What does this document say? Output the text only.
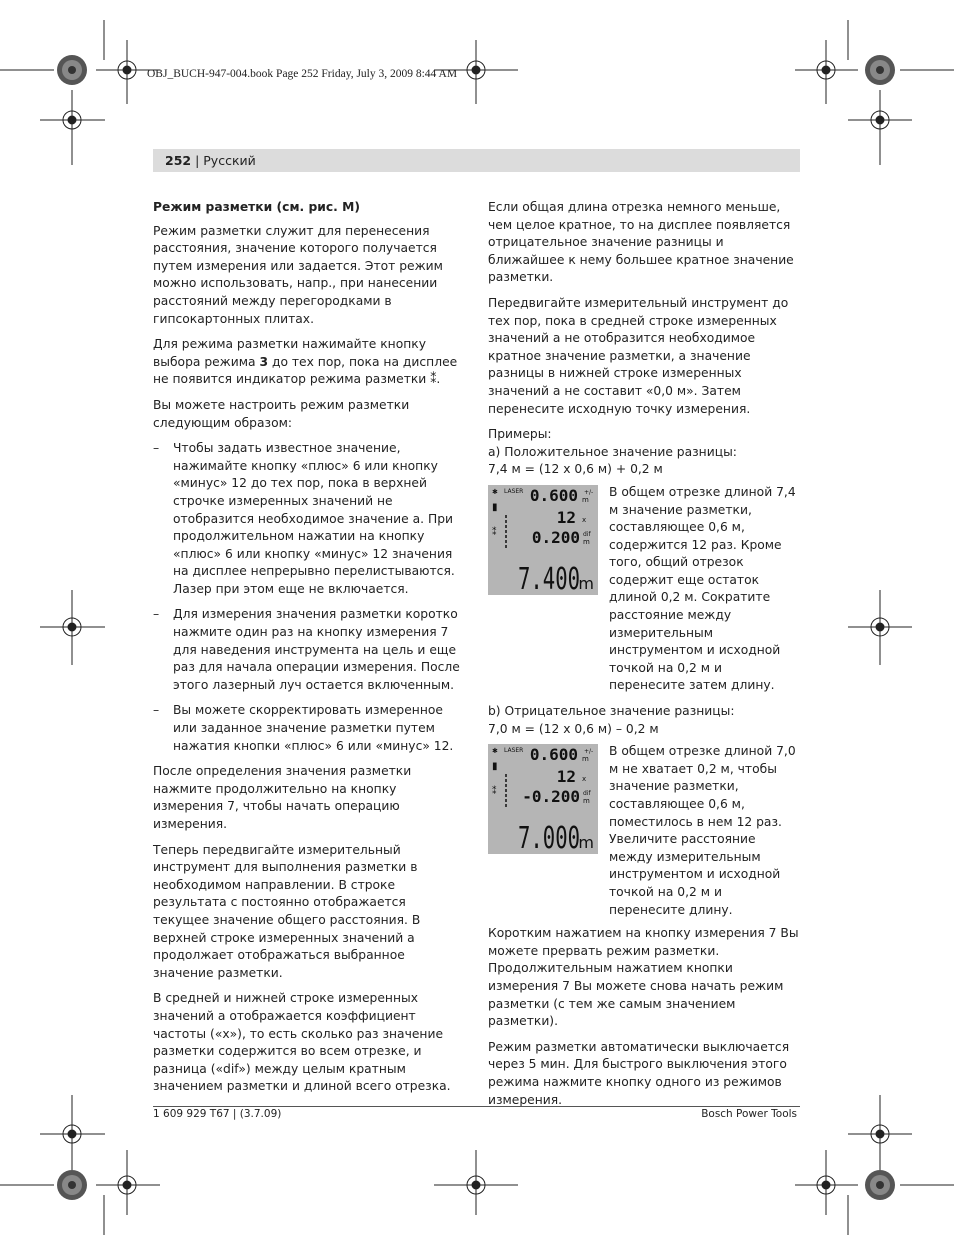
OBJ_BUCH-947-004.book Page 252 Friday, July 3, 2009 8:44 AM
252 | Русский

Режим разметки (см. рис. M)

Режим разметки служит для перенесения расстояния, значение которого получается путем измерения или задается. Этот режим можно использовать, напр., при нанесении расстояний между перегородками в гипсокартонных плитах.

Для режима разметки нажимайте кнопку выбора режима 3 до тех пор, пока на дисплее не появится индикатор режима разметки ⁑.

Вы можете настроить режим разметки следующим образом:

–	Чтобы задать известное значение, нажимайте кнопку «плюс» 6 или кнопку «минус» 12 до тех пор, пока в верхней строчке измеренных значений не отобразится необходимое значение a. При продолжительном нажатии на кнопку «плюс» 6 или кнопку «минус» 12 значения на дисплее непрерывно перелистываются. Лазер при этом еще не включается.
–	Для измерения значения разметки коротко нажмите один раз на кнопку измерения 7 для наведения инструмента на цель и еще раз для начала операции измерения. После этого лазерный луч остается включенным.
–	Вы можете скорректировать измеренное или заданное значение разметки путем нажатия кнопки «плюс» 6 или «минус» 12.

После определения значения разметки нажмите продолжительно на кнопку измерения 7, чтобы начать операцию измерения.

Теперь передвигайте измерительный инструмент для выполнения разметки в необходимом направлении. В строке результата c постоянно отображается текущее значение общего расстояния. В верхней строке измеренных значений a продолжает отображаться выбранное значение разметки.

В средней и нижней строке измеренных значений a отображается коэффициент частоты («x»), то есть сколько раз значение разметки содержится во всем отрезке, и разница («dif») между целым кратным значением разметки и длиной всего отрезка.

Если общая длина отрезка немного меньше, чем целое кратное, то на дисплее появляется отрицательное значение разницы и ближайшее к нему большее кратное значение разметки.

Передвигайте измерительный инструмент до тех пор, пока в средней строке измеренных значений a не отобразится необходимое кратное значение разметки, а значение разницы в нижней строке измеренных значений a не составит «0,0 м». Затем перенесите исходную точку измерения.

Примеры:

a) Положительное значение разницы:
7,4 м = (12 x 0,6 м) + 0,2 м
LASER
✱
▮
⁑
0.600 +/-
m
12 x
0.200 dif
m
7.400
m
В общем отрезке длиной 7,4 м значение разметки, составляющее 0,6 м, содержится 12 раз. Кроме того, общий отрезок содержит еще остаток длиной 0,2 м. Сократите расстояние между измерительным инструментом и исходной точкой на 0,2 м и перенесите затем длину.
b) Отрицательное значение разницы:
7,0 м = (12 x 0,6 м) – 0,2 м
LASER
✱
▮
⁑
0.600 +/-
m
12 x
-0.200 dif
m
7.000
m
В общем отрезке длиной 7,0 м не хватает 0,2 м, чтобы значение разметки, составляющее 0,6 м, поместилось в нем 12 раз. Увеличите расстояние между измерительным инструментом и исходной точкой на 0,2 м и перенесите длину.

Коротким нажатием на кнопку измерения 7 Вы можете прервать режим разметки. Продолжительным нажатием кнопки измерения 7 Вы можете снова начать режим разметки (с тем же самым значением разметки).

Режим разметки автоматически выключается через 5 мин. Для быстрого выключения этого режима нажмите кнопку одного из режимов измерения.

1 609 929 T67 | (3.7.09)	Bosch Power Tools
